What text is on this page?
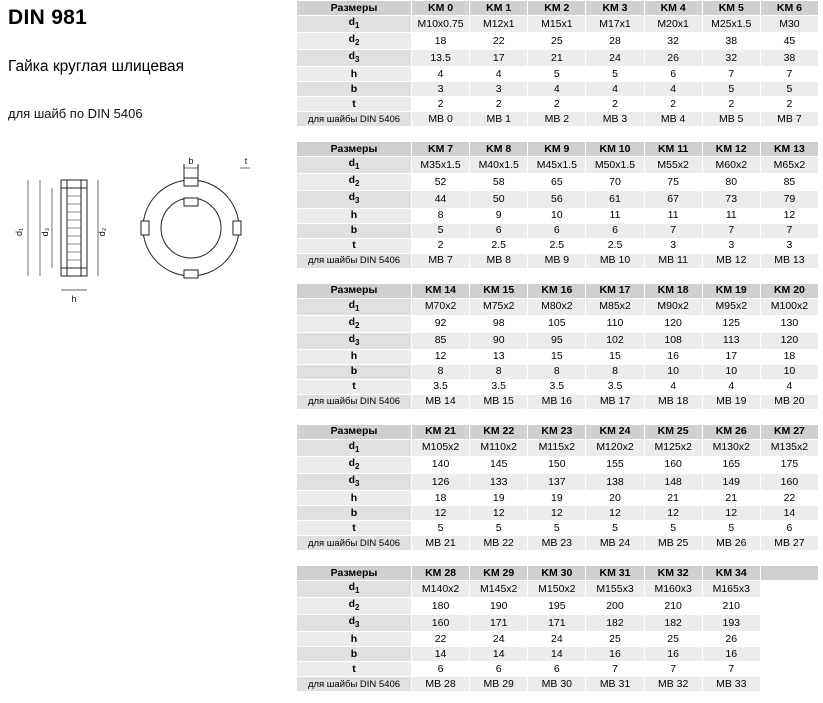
DIN 981
Гайка круглая шлицевая
для шайб по DIN 5406
d₁ d₃	d₂
h
b	t
Размеры	KM 0	KM 1	KM 2	KM 3	KM 4	KM 5	KM 6
$d_1$	M10x0.75	M12x1	M15x1	M17x1	M20x1	M25x1.5	M30
$d_2$	18	22	25	28	32	38	45
$d_3$	13.5	17	21	24	26	32	38
h	4	4	5	5	6	7	7
b	3	3	4	4	4	5	5
t	2	2	2	2	2	2	2
для шайбы DIN 5406	MB 0	MB 1	MB 2	MB 3	MB 4	MB 5	MB 7
Размеры	KM 7	KM 8	KM 9	KM 10	KM 11	KM 12	KM 13
$d_1$	M35x1.5	M40x1.5	M45x1.5	M50x1.5	M55x2	M60x2	M65x2
$d_2$	52	58	65	70	75	80	85
$d_3$	44	50	56	61	67	73	79
h	8	9	10	11	11	11	12
b	5	6	6	6	7	7	7
t	2	2.5	2.5	2.5	3	3	3
для шайбы DIN 5406	MB 7	MB 8	MB 9	MB 10	MB 11	MB 12	MB 13
Размеры	KM 14	KM 15	KM 16	KM 17	KM 18	KM 19	KM 20
$d_1$	M70x2	M75x2	M80x2	M85x2	M90x2	M95x2	M100x2
$d_2$	92	98	105	110	120	125	130
$d_3$	85	90	95	102	108	113	120
h	12	13	15	15	16	17	18
b	8	8	8	8	10	10	10
t	3.5	3.5	3.5	3.5	4	4	4
для шайбы DIN 5406	MB 14	MB 15	MB 16	MB 17	MB 18	MB 19	MB 20
Размеры	KM 21	KM 22	KM 23	KM 24	KM 25	KM 26	KM 27
$d_1$	M105x2	M110x2	M115x2	M120x2	M125x2	M130x2	M135x2
$d_2$	140	145	150	155	160	165	175
$d_3$	126	133	137	138	148	149	160
h	18	19	19	20	21	21	22
b	12	12	12	12	12	12	14
t	5	5	5	5	5	5	6
для шайбы DIN 5406	MB 21	MB 22	MB 23	MB 24	MB 25	MB 26	MB 27
Размеры	KM 28	KM 29	KM 30	KM 31	KM 32	KM 34	
$d_1$	M140x2	M145x2	M150x2	M155x3	M160x3	M165x3	
$d_2$	180	190	195	200	210	210	
$d_3$	160	171	171	182	182	193	
h	22	24	24	25	25	26	
b	14	14	14	16	16	16	
t	6	6	6	7	7	7	
для шайбы DIN 5406	MB 28	MB 29	MB 30	MB 31	MB 32	MB 33	
